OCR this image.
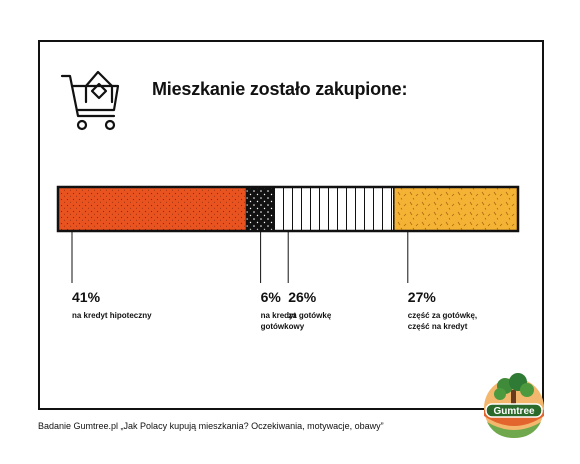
Mieszkanie zostało zakupione:
41%
na kredyt hipoteczny
6%
na kredyt
gotówkowy
26%
za gotówkę
27%
część za gotówkę,
część na kredyt
Gumtree
Badanie Gumtree.pl „Jak Polacy kupują mieszkania? Oczekiwania, motywacje, obawy”
